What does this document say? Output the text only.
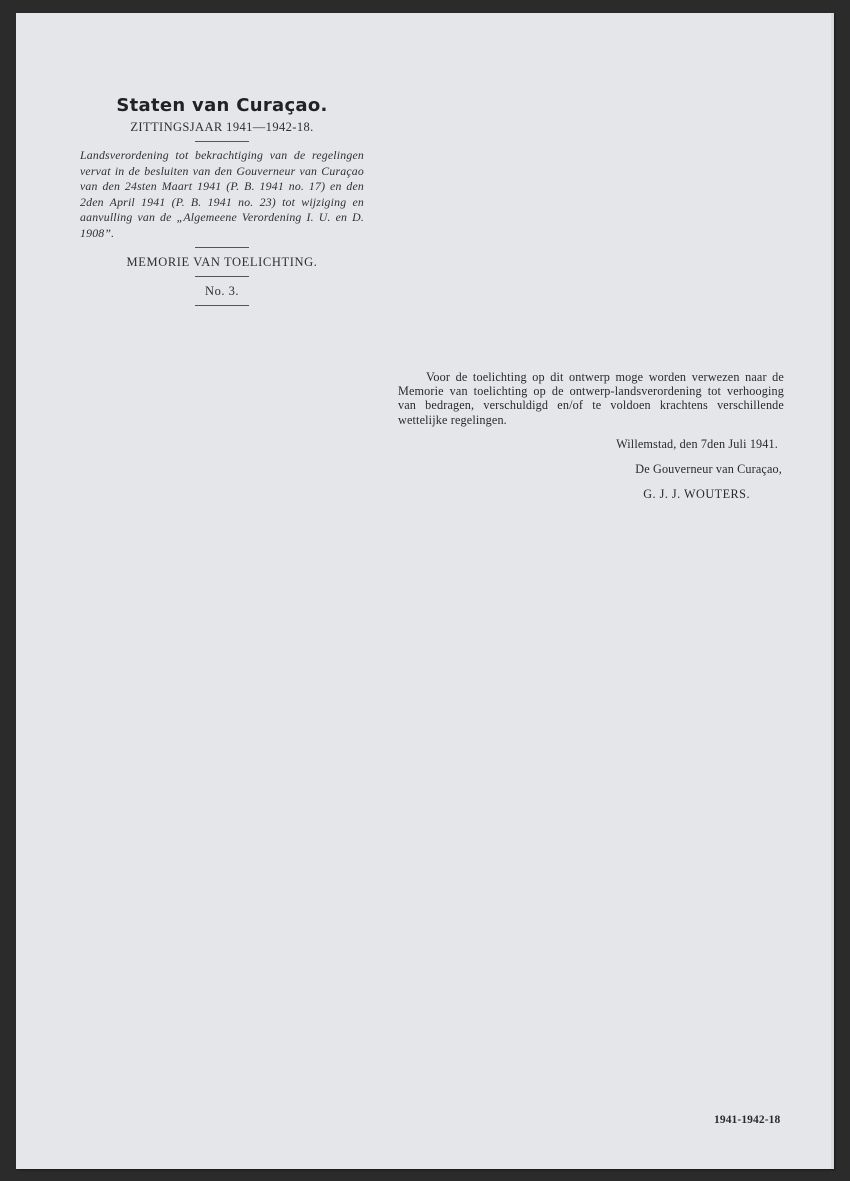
Staten van Curaçao.
ZITTINGSJAAR 1941—1942-18.

Landsverordening tot bekrachtiging van de regelingen vervat in de besluiten van den Gouverneur van Curaçao van den 24sten Maart 1941 (P. B. 1941 no. 17) en den 2den April 1941 (P. B. 1941 no. 23) tot wijziging en aanvulling van de „Algemeene Verordening I. U. en D. 1908”.

MEMORIE VAN TOELICHTING.
No. 3.

Voor de toelichting op dit ontwerp moge worden verwezen naar de Memorie van toelichting op de ontwerp-landsverordening tot verhooging van bedragen, verschuldigd en/of te voldoen krachtens verschillende wettelijke regelingen.

Willemstad, den 7den Juli 1941.
De Gouverneur van Curaçao,
G. J. J. WOUTERS.
1941-1942-18
